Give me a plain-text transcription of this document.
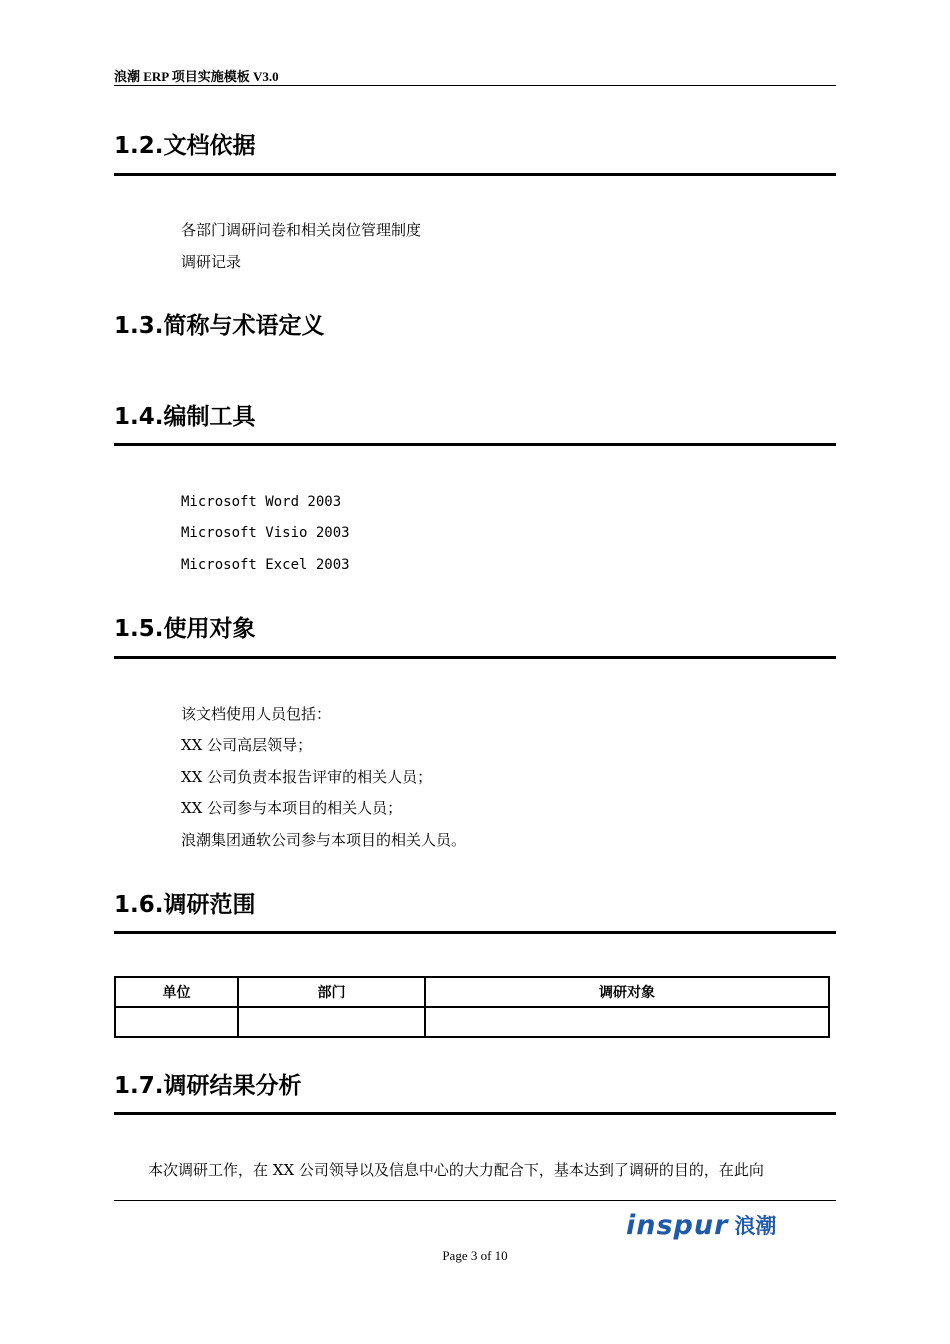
浪潮 ERP 项目实施模板 V3.0
1.2.文档依据
各部门调研问卷和相关岗位管理制度
调研记录
1.3.简称与术语定义
1.4.编制工具
Microsoft Word 2003
Microsoft Visio 2003
Microsoft Excel 2003
1.5.使用对象
该文档使用人员包括：
XX 公司高层领导；
XX 公司负责本报告评审的相关人员；
XX 公司参与本项目的相关人员；
浪潮集团通软公司参与本项目的相关人员。
1.6.调研范围
单位	部门	调研对象

1.7.调研结果分析
本次调研工作，在 XX 公司领导以及信息中心的大力配合下，基本达到了调研的目的，在此向
inspur 浪潮
Page 3 of 10
